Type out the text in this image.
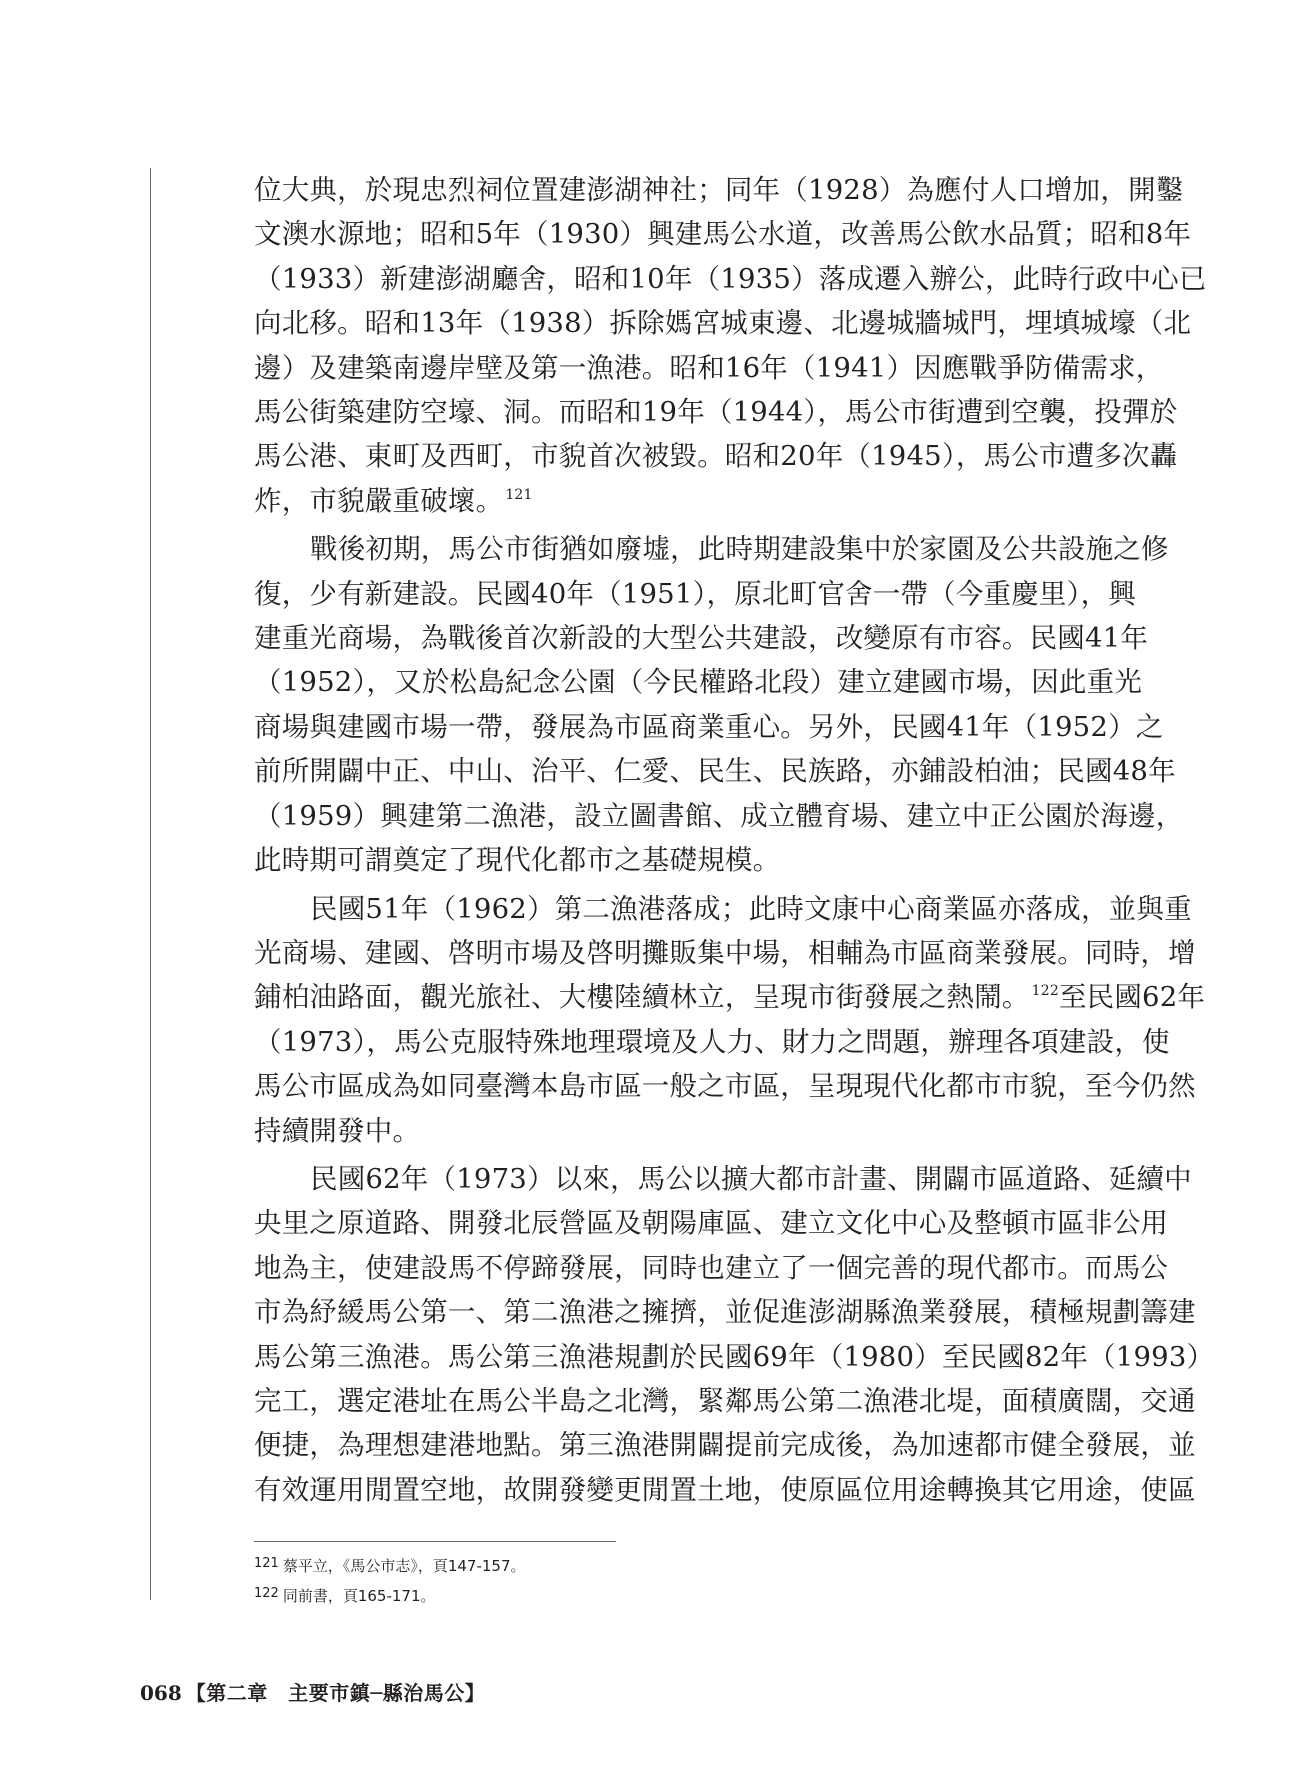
位大典，於現忠烈祠位置建澎湖神社；同年（1928）為應付人口增加，開鑿
文澳水源地；昭和5年（1930）興建馬公水道，改善馬公飲水品質；昭和8年
（1933）新建澎湖廳舍，昭和10年（1935）落成遷入辦公，此時行政中心已
向北移。昭和13年（1938）拆除媽宮城東邊、北邊城牆城門，埋填城壕（北
邊）及建築南邊岸壁及第一漁港。昭和16年（1941）因應戰爭防備需求，
馬公街築建防空壕、洞。而昭和19年（1944），馬公市街遭到空襲，投彈於
馬公港、東町及西町，市貌首次被毀。昭和20年（1945），馬公市遭多次轟
炸，市貌嚴重破壞。 $^{121}$
戰後初期，馬公市街猶如廢墟，此時期建設集中於家園及公共設施之修
復，少有新建設。民國40年（1951），原北町官舍一帶（今重慶里），興
建重光商場，為戰後首次新設的大型公共建設，改變原有市容。民國41年
（1952），又於松島紀念公園（今民權路北段）建立建國市場，因此重光
商場與建國市場一帶，發展為市區商業重心。另外，民國41年（1952）之
前所開闢中正、中山、治平、仁愛、民生、民族路，亦鋪設柏油；民國48年
（1959）興建第二漁港，設立圖書館、成立體育場、建立中正公園於海邊，
此時期可謂奠定了現代化都市之基礎規模。
民國51年（1962）第二漁港落成；此時文康中心商業區亦落成，並與重
光商場、建國、啓明市場及啓明攤販集中場，相輔為市區商業發展。同時，增
鋪柏油路面，觀光旅社、大樓陸續林立，呈現市街發展之熱鬧。 $^{122}$至民國62年
（1973），馬公克服特殊地理環境及人力、財力之問題，辦理各項建設，使
馬公市區成為如同臺灣本島市區一般之市區，呈現現代化都市市貌，至今仍然
持續開發中。
民國62年（1973）以來，馬公以擴大都市計畫、開闢市區道路、延續中
央里之原道路、開發北辰營區及朝陽庫區、建立文化中心及整頓市區非公用
地為主，使建設馬不停蹄發展，同時也建立了一個完善的現代都市。而馬公
市為紓緩馬公第一、第二漁港之擁擠，並促進澎湖縣漁業發展，積極規劃籌建
馬公第三漁港。馬公第三漁港規劃於民國69年（1980）至民國82年（1993）
完工，選定港址在馬公半島之北灣，緊鄰馬公第二漁港北堤，面積廣闊，交通
便捷，為理想建港地點。第三漁港開闢提前完成後，為加速都市健全發展，並
有效運用閒置空地，故開發變更閒置土地，使原區位用途轉換其它用途，使區
121 蔡平立，《馬公市志》，頁147-157。
122 同前書，頁165-171。
068 【第二章　主要市鎮─縣治馬公】
